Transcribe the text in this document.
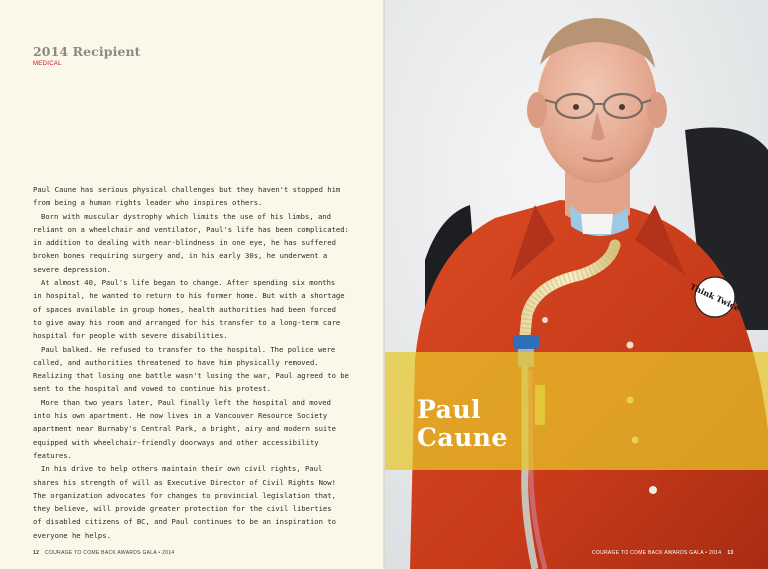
2014 Recipient
MEDICAL

Paul Caune has serious physical challenges but they haven't stopped him
from being a human rights leader who inspires others.

Born with muscular dystrophy which limits the use of his limbs, and
reliant on a wheelchair and ventilator, Paul's life has been complicated:
in addition to dealing with near-blindness in one eye, he has suffered
broken bones requiring surgery and, in his early 30s, he underwent a
severe depression.

At almost 40, Paul's life began to change. After spending six months
in hospital, he wanted to return to his former home. But with a shortage
of spaces available in group homes, health authorities had been forced
to give away his room and arranged for his transfer to a long-term care
hospital for people with severe disabilities.

Paul balked. He refused to transfer to the hospital. The police were
called, and authorities threatened to have him physically removed.
Realizing that losing one battle wasn't losing the war, Paul agreed to be
sent to the hospital and vowed to continue his protest.

More than two years later, Paul finally left the hospital and moved
into his own apartment. He now lives in a Vancouver Resource Society
apartment near Burnaby's Central Park, a bright, airy and modern suite
equipped with wheelchair-friendly doorways and other accessibility
features.

In his drive to help others maintain their own civil rights, Paul
shares his strength of will as Executive Director of Civil Rights Now!
The organization advocates for changes to provincial legislation that,
they believe, will provide greater protection for the civil liberties
of disabled citizens of BC, and Paul continues to be an inspiration to
everyone he helps.

12 COURAGE TO COME BACK AWARDS GALA • 2014
Think Twice
Paul
Caune
COURAGE TO COME BACK AWARDS GALA • 2014 13
